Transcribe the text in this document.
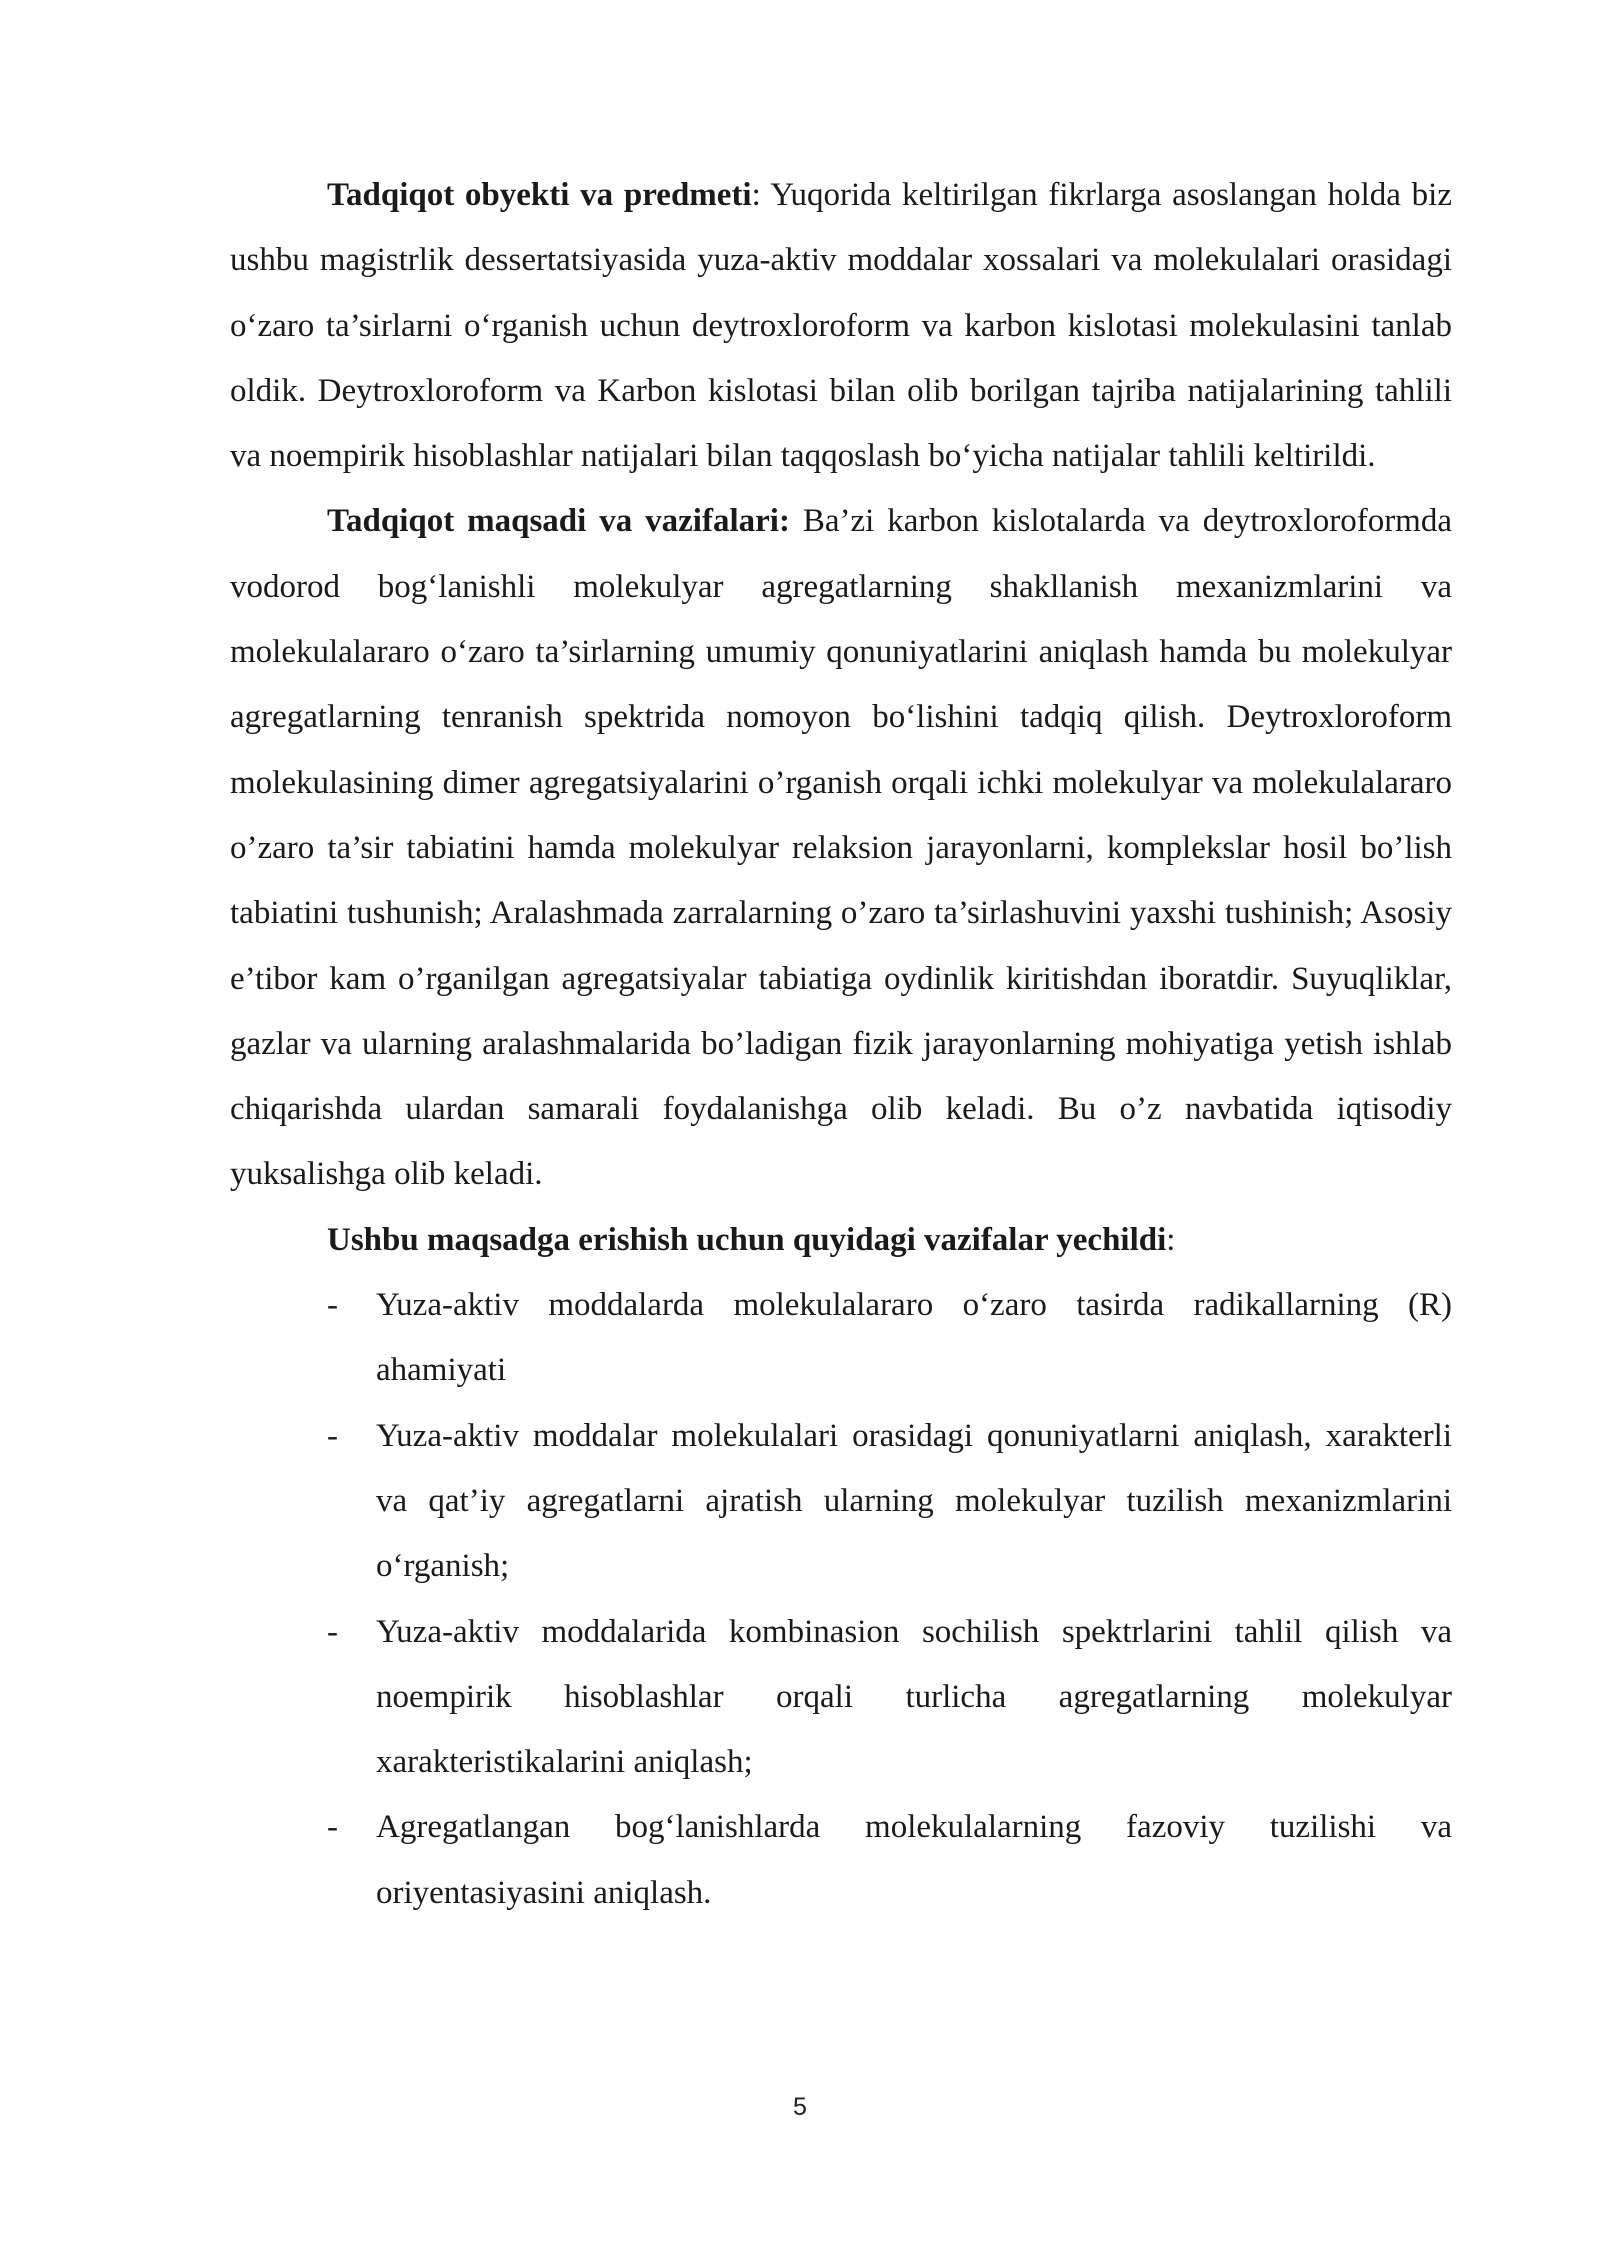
Tadqiqot obyekti va predmeti: Yuqorida keltirilgan fikrlarga asoslangan holda biz ushbu magistrlik dessertatsiyasida yuza-aktiv moddalar xossalari va molekulalari orasidagi o‘zaro ta’sirlarni o‘rganish uchun deytroxloroform va karbon kislotasi molekulasini tanlab oldik. Deytroxloroform va Karbon kislotasi bilan olib borilgan tajriba natijalarining tahlili va noempirik hisoblashlar natijalari bilan taqqoslash bo‘yicha natijalar tahlili keltirildi.

Tadqiqot maqsadi va vazifalari: Ba’zi karbon kislotalarda va deytroxloroformda vodorod bog‘lanishli molekulyar agregatlarning shakllanish mexanizmlarini va molekulalararo o‘zaro ta’sirlarning umumiy qonuniyatlarini aniqlash hamda bu molekulyar agregatlarning tenranish spektrida nomoyon bo‘lishini tadqiq qilish. Deytroxloroform molekulasining dimer agregatsiyalarini o’rganish orqali ichki molekulyar va molekulalararo o’zaro ta’sir tabiatini hamda molekulyar relaksion jarayonlarni, komplekslar hosil bo’lish tabiatini tushunish; Aralashmada zarralarning o’zaro ta’sirlashuvini yaxshi tushinish; Asosiy e’tibor kam o’rganilgan agregatsiyalar tabiatiga oydinlik kiritishdan iboratdir. Suyuqliklar, gazlar va ularning aralashmalarida bo’ladigan fizik jarayonlarning mohiyatiga yetish ishlab chiqarishda ulardan samarali foydalanishga olib keladi. Bu o’z navbatida iqtisodiy yuksalishga olib keladi.

Ushbu maqsadga erishish uchun quyidagi vazifalar yechildi:

- Yuza-aktiv moddalarda molekulalararo o‘zaro tasirda radikallarning (R) ahamiyati
- Yuza-aktiv moddalar molekulalari orasidagi qonuniyatlarni aniqlash, xarakterli va qat’iy agregatlarni ajratish ularning molekulyar tuzilish mexanizmlarini o‘rganish;
- Yuza-aktiv moddalarida kombinasion sochilish spektrlarini tahlil qilish va noempirik hisoblashlar orqali turlicha agregatlarning molekulyar xarakteristikalarini aniqlash;
- Agregatlangan bog‘lanishlarda molekulalarning fazoviy tuzilishi va oriyentasiyasini aniqlash.
5
